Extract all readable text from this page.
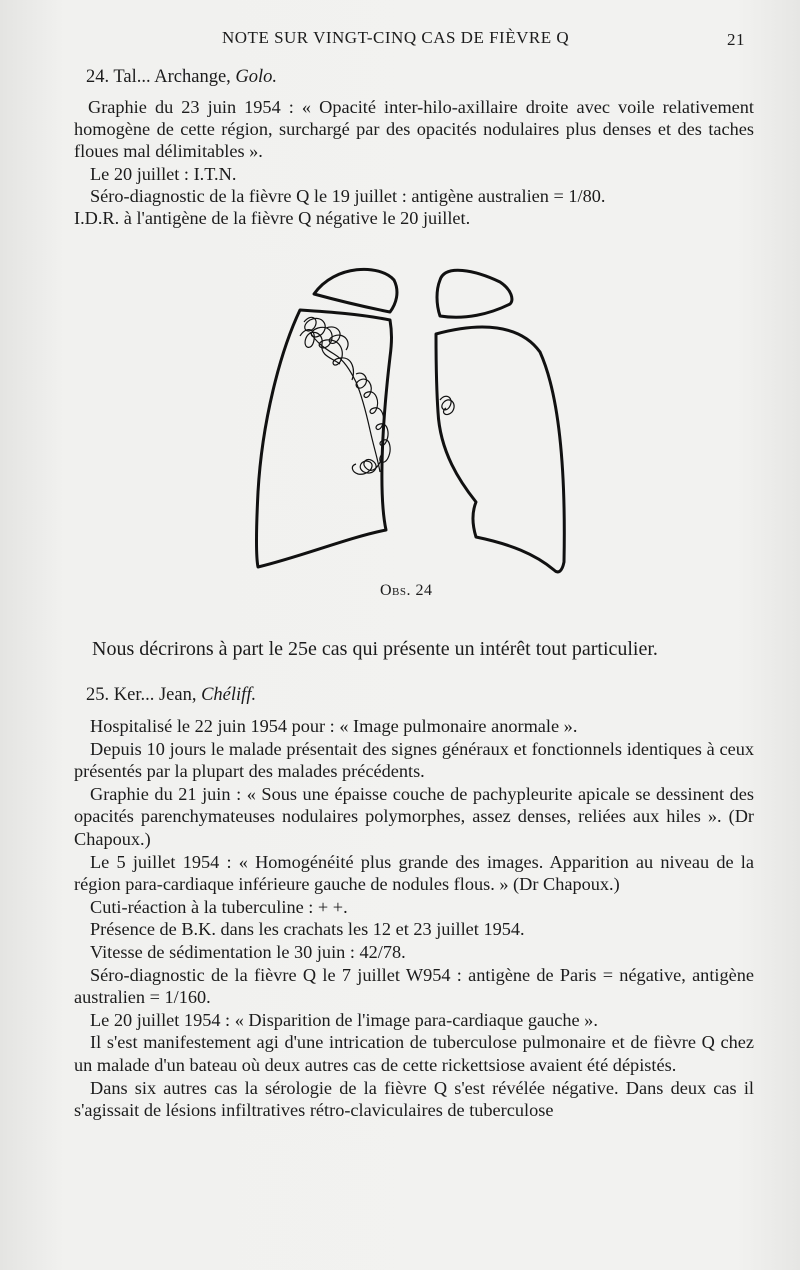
NOTE SUR VINGT-CINQ CAS DE FIÈVRE Q	21

24. Tal... Archange, Golo.

Graphie du 23 juin 1954 : « Opacité inter-hilo-axillaire droite avec voile relativement homogène de cette région, surchargé par des opacités nodulaires plus denses et des taches floues mal délimitables ».

Le 20 juillet : I.T.N.

Séro-diagnostic de la fièvre Q le 19 juillet : antigène australien = 1/80.

I.D.R. à l'antigène de la fièvre Q négative le 20 juillet.

Obs. 24

Nous décrirons à part le 25e cas qui présente un intérêt tout particulier.

25. Ker... Jean, Chéliff.

Hospitalisé le 22 juin 1954 pour : « Image pulmonaire anormale ».

Depuis 10 jours le malade présentait des signes généraux et fonctionnels identiques à ceux présentés par la plupart des malades précédents.

Graphie du 21 juin : « Sous une épaisse couche de pachypleurite apicale se dessinent des opacités parenchymateuses nodulaires polymorphes, assez denses, reliées aux hiles ». (Dr Chapoux.)

Le 5 juillet 1954 : « Homogénéité plus grande des images. Apparition au niveau de la région para-cardiaque inférieure gauche de nodules flous. » (Dr Chapoux.)

Cuti-réaction à la tuberculine : + +.

Présence de B.K. dans les crachats les 12 et 23 juillet 1954.

Vitesse de sédimentation le 30 juin : 42/78.

Séro-diagnostic de la fièvre Q le 7 juillet W954 : antigène de Paris = négative, antigène australien = 1/160.

Le 20 juillet 1954 : « Disparition de l'image para-cardiaque gauche ».

Il s'est manifestement agi d'une intrication de tuberculose pulmonaire et de fièvre Q chez un malade d'un bateau où deux autres cas de cette rickettsiose avaient été dépistés.

Dans six autres cas la sérologie de la fièvre Q s'est révélée négative. Dans deux cas il s'agissait de lésions infiltratives rétro-claviculaires de tuberculose
